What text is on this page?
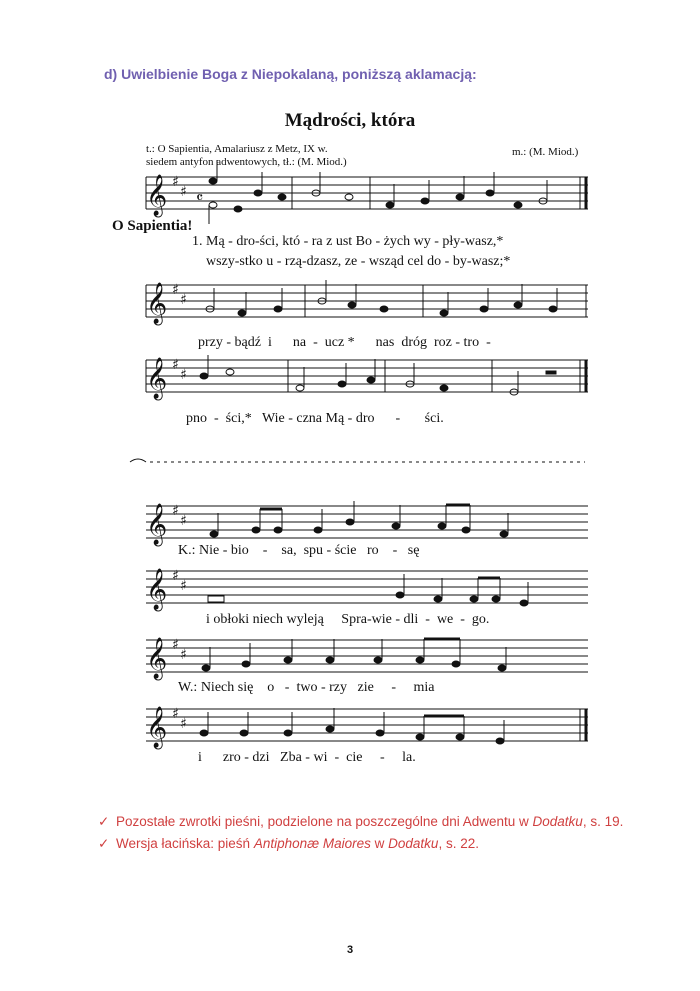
d) Uwielbienie Boga z Niepokalaną, poniższą aklamacją:
Mądrości, która
t.: O Sapientia, Amalariusz z Metz, IX w.
siedem antyfon adwentowych, tł.: (M. Miod.)
m.: (M. Miod.)
𝄞 ♯
♯ 𝄴
𝄞 ♯
♯
𝄞 ♯
♯
𝄞 ♯
♯
𝄞 ♯
♯
𝄞 ♯
♯
𝄞 ♯
♯
O Sapientia!
1. Mą - dro-ści, któ - ra z ust Bo - żych wy - pły-wasz,*
wszy-stko u - rzą-dzasz, ze - wsząd cel do - by-wasz;*
przy - bądź  i      na  -  ucz *      nas  dróg  roz - tro  -
pno  -  ści,*   Wie - czna Mą - dro      -       ści.
K.: Nie - bio    -    sa,  spu - ście   ro    -   sę
i obłoki niech wyleją     Spra-wie - dli  -  we  -  go.
W.: Niech się    o   -  two - rzy   zie     -     mia
i      zro - dzi   Zba - wi  -  cie     -     la.
✓ Pozostałe zwrotki pieśni, podzielone na poszczególne dni Adwentu w Dodatku, s. 19.
✓ Wersja łacińska: pieśń Antiphonæ Maiores w Dodatku, s. 22.
3
